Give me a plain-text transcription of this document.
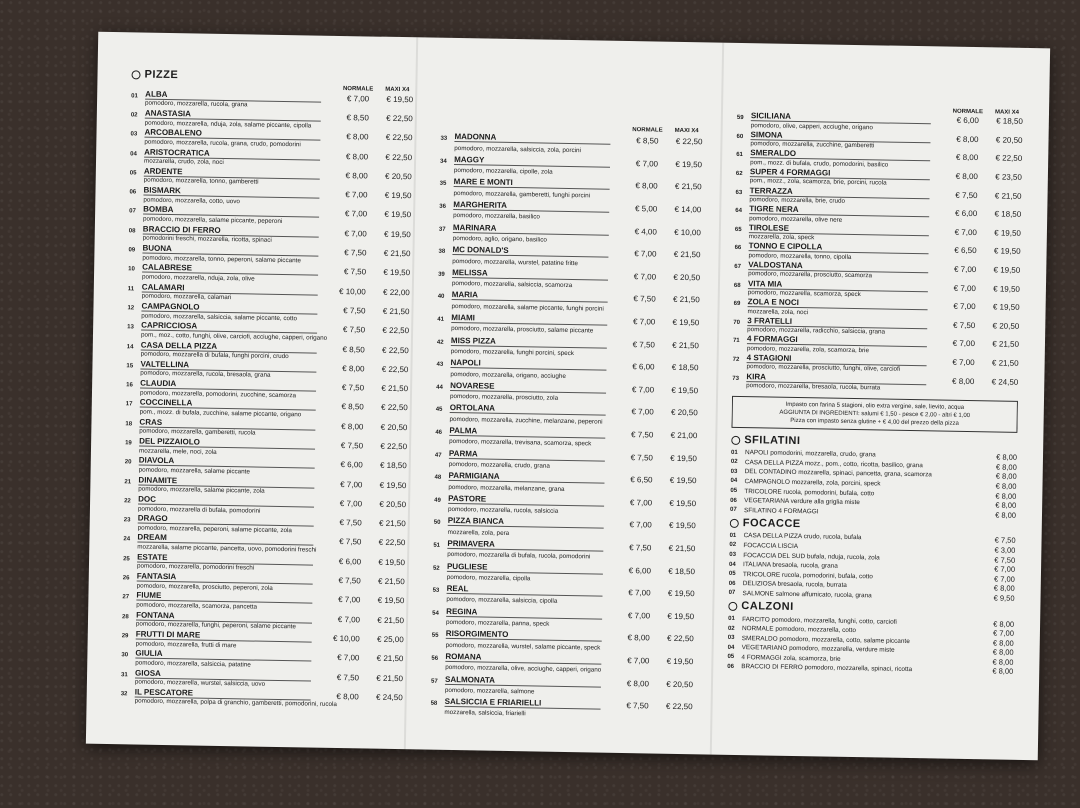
PIZZE
NORMALE MAXI X4
01 ALBA	€ 7,00	€ 19,50
pomodoro, mozzarella, rucola, grana
02 ANASTASIA	€ 8,50	€ 22,50
pomodoro, mozzarella, nduja, zola, salame piccante, cipolla
03 ARCOBALENO	€ 8,00	€ 22,50
pomodoro, mozzarella, rucola, grana, crudo, pomodorini
04 ARISTOCRATICA	€ 8,00	€ 22,50
mozzarella, crudo, zola, noci
05 ARDENTE	€ 8,00	€ 20,50
pomodoro, mozzarella, tonno, gamberetti
06 BISMARK	€ 7,00	€ 19,50
pomodoro, mozzarella, cotto, uovo
07 BOMBA	€ 7,00	€ 19,50
pomodoro, mozzarella, salame piccante, peperoni
08 BRACCIO DI FERRO	€ 7,00	€ 19,50
pomodorini freschi, mozzarella, ricotta, spinaci
09 BUONA	€ 7,50	€ 21,50
pomodoro, mozzarella, tonno, peperoni, salame piccante
10 CALABRESE	€ 7,50	€ 19,50
pomodoro, mozzarella, nduja, zola, olive
11 CALAMARI	€ 10,00	€ 22,00
pomodoro, mozzarella, calamari
12 CAMPAGNOLO	€ 7,50	€ 21,50
pomodoro, mozzarella, salsiccia, salame piccante, cotto
13 CAPRICCIOSA	€ 7,50	€ 22,50
pom., moz., cotto, funghi, olive, carciofi, acciughe, capperi, origano
14 CASA DELLA PIZZA	€ 8,50	€ 22,50
pomodoro, mozzarella di bufala, funghi porcini, crudo
15 VALTELLINA	€ 8,00	€ 22,50
pomodoro, mozzarella, rucola, bresaola, grana
16 CLAUDIA	€ 7,50	€ 21,50
pomodoro, mozzarella, pomodorini, zucchine, scamorza
17 COCCINELLA	€ 8,50	€ 22,50
pom., mozz. di bufala, zucchine, salame piccante, origano
18 CRAS	€ 8,00	€ 20,50
pomodoro, mozzarella, gamberetti, rucola
19 DEL PIZZAIOLO	€ 7,50	€ 22,50
mozzarella, mele, noci, zola
20 DIAVOLA	€ 6,00	€ 18,50
pomodoro, mozzarella, salame piccante
21 DINAMITE	€ 7,00	€ 19,50
pomodoro, mozzarella, salame piccante, zola
22 DOC	€ 7,00	€ 20,50
pomodoro, mozzarella di bufala, pomodorini
23 DRAGO	€ 7,50	€ 21,50
pomodoro, mozzarella, peperoni, salame piccante, zola
24 DREAM	€ 7,50	€ 22,50
mozzarella, salame piccante, pancetta, uovo, pomodorini freschi
25 ESTATE	€ 6,00	€ 19,50
pomodoro, mozzarella, pomodorini freschi
26 FANTASIA	€ 7,50	€ 21,50
pomodoro, mozzarella, prosciutto, peperoni, zola
27 FIUME	€ 7,00	€ 19,50
pomodoro, mozzarella, scamorza, pancetta
28 FONTANA	€ 7,00	€ 21,50
pomodoro, mozzarella, funghi, peperoni, salame piccante
29 FRUTTI DI MARE	€ 10,00	€ 25,00
pomodoro, mozzarella, frutti di mare
30 GIULIA	€ 7,00	€ 21,50
pomodoro, mozzarella, salsiccia, patatine
31 GIOSA	€ 7,50	€ 21,50
pomodoro, mozzarella, wurstel, salsiccia, uovo
32 IL PESCATORE	€ 8,00	€ 24,50
pomodoro, mozzarella, polpa di granchio, gamberetti, pomodorini, rucola
NORMALE MAXI X4
33 MADONNA	€ 8,50	€ 22,50
pomodoro, mozzarella, salsiccia, zola, porcini
34 MAGGY	€ 7,00	€ 19,50
pomodoro, mozzarella, cipolle, zola
35 MARE E MONTI	€ 8,00	€ 21,50
pomodoro, mozzarella, gamberetti, funghi porcini
36 MARGHERITA	€ 5,00	€ 14,00
pomodoro, mozzarella, basilico
37 MARINARA	€ 4,00	€ 10,00
pomodoro, aglio, origano, basilico
38 MC DONALD'S	€ 7,00	€ 21,50
pomodoro, mozzarella, wurstel, patatine fritte
39 MELISSA	€ 7,00	€ 20,50
pomodoro, mozzarella, salsiccia, scamorza
40 MARIA	€ 7,50	€ 21,50
pomodoro, mozzarella, salame piccante, funghi porcini
41 MIAMI	€ 7,00	€ 19,50
pomodoro, mozzarella, prosciutto, salame piccante
42 MISS PIZZA	€ 7,50	€ 21,50
pomodoro, mozzarella, funghi porcini, speck
43 NAPOLI	€ 6,00	€ 18,50
pomodoro, mozzarella, origano, acciughe
44 NOVARESE	€ 7,00	€ 19,50
pomodoro, mozzarella, prosciutto, zola
45 ORTOLANA	€ 7,00	€ 20,50
pomodoro, mozzarella, zucchine, melanzane, peperoni
46 PALMA	€ 7,50	€ 21,00
pomodoro, mozzarella, trevisana, scamorza, speck
47 PARMA	€ 7,50	€ 19,50
pomodoro, mozzarella, crudo, grana
48 PARMIGIANA	€ 6,50	€ 19,50
pomodoro, mozzarella, melanzane, grana
49 PASTORE	€ 7,00	€ 19,50
pomodoro, mozzarella, rucola, salsiccia
50 PIZZA BIANCA	€ 7,00	€ 19,50
mozzarella, zola, pera
51 PRIMAVERA	€ 7,50	€ 21,50
pomodoro, mozzarella di bufala, rucola, pomodorini
52 PUGLIESE	€ 6,00	€ 18,50
pomodoro, mozzarella, cipolla
53 REAL	€ 7,00	€ 19,50
pomodoro, mozzarella, salsiccia, cipolla
54 REGINA	€ 7,00	€ 19,50
pomodoro, mozzarella, panna, speck
55 RISORGIMENTO	€ 8,00	€ 22,50
pomodoro, mozzarella, wurstel, salame piccante, speck
56 ROMANA	€ 7,00	€ 19,50
pomodoro, mozzarella, olive, acciughe, capperi, origano
57 SALMONATA	€ 8,00	€ 20,50
pomodoro, mozzarella, salmone
58 SALSICCIA E FRIARIELLI	€ 7,50	€ 22,50
mozzarella, salsiccia, friarielli
NORMALE MAXI X4
59 SICILIANA	€ 6,00	€ 18,50
pomodoro, olive, capperi, acciughe, origano
60 SIMONA	€ 8,00	€ 20,50
pomodoro, mozzarella, zucchine, gamberetti
61 SMERALDO	€ 8,00	€ 22,50
pom., mozz. di bufala, crudo, pomodorini, basilico
62 SUPER 4 FORMAGGI	€ 8,00	€ 23,50
pom., mozz., zola, scamorza, brie, porcini, rucola
63 TERRAZZA	€ 7,50	€ 21,50
pomodoro, mozzarella, brie, crudo
64 TIGRE NERA	€ 6,00	€ 18,50
pomodoro, mozzarella, olive nere
65 TIROLESE	€ 7,00	€ 19,50
mozzarella, zola, speck
66 TONNO E CIPOLLA	€ 6,50	€ 19,50
pomodoro, mozzarella, tonno, cipolla
67 VALDOSTANA	€ 7,00	€ 19,50
pomodoro, mozzarella, prosciutto, scamorza
68 VITA MIA	€ 7,00	€ 19,50
pomodoro, mozzarella, scamorza, speck
69 ZOLA E NOCI	€ 7,00	€ 19,50
mozzarella, zola, noci
70 3 FRATELLI	€ 7,50	€ 20,50
pomodoro, mozzarella, radicchio, salsiccia, grana
71 4 FORMAGGI	€ 7,00	€ 21,50
pomodoro, mozzarella, zola, scamorza, brie
72 4 STAGIONI	€ 7,00	€ 21,50
pomodoro, mozzarella, prosciutto, funghi, olive, carciofi
73 KIRA	€ 8,00	€ 24,50
pomodoro, mozzarella, bresaola, rucola, burrata
Impasto con farina 5 stagioni, olio extra vergine, sale, lievito, acqua
AGGIUNTA DI INGREDIENTI: salumi € 1,50 - pesce € 2,00 - altri € 1,00
Pizza con impasto senza glutine + € 4,00 del prezzo della pizza
SFILATINI
01	NAPOLI pomodorini, mozzarella, crudo, grana	€ 8,00
02	CASA DELLA PIZZA mozz., pom., cotto, ricotta, basilico, grana	€ 8,00
03	DEL CONTADINO mozzarella, spinaci, pancetta, grana, scamorza	€ 8,00
04	CAMPAGNOLO mozzarella, zola, porcini, speck	€ 8,00
05	TRICOLORE rucola, pomodorini, bufala, cotto	€ 8,00
06	VEGETARIANA verdure alla griglia miste	€ 8,00
07	SFILATINO 4 FORMAGGI	€ 8,00
FOCACCE
01	CASA DELLA PIZZA crudo, rucola, bufala	€ 7,50
02	FOCACCIA LISCIA	€ 3,00
03	FOCACCIA DEL SUD bufala, nduja, rucola, zola	€ 7,50
04	ITALIANA bresaola, rucola, grana	€ 7,00
05	TRICOLORE rucola, pomodorini, bufala, cotto	€ 7,00
06	DELIZIOSA bresaola, rucola, burrata	€ 8,00
07	SALMONE salmone affumicato, rucola, grana	€ 9,50
CALZONI
01	FARCITO pomodoro, mozzarella, funghi, cotto, carciofi	€ 8,00
02	NORMALE pomodoro, mozzarella, cotto	€ 7,00
03	SMERALDO pomodoro, mozzarella, cotto, salame piccante	€ 8,00
04	VEGETARIANO pomodoro, mozzarella, verdure miste	€ 8,00
05	4 FORMAGGI zola, scamorza, brie	€ 8,00
06	BRACCIO DI FERRO pomodoro, mozzarella, spinaci, ricotta	€ 8,00
